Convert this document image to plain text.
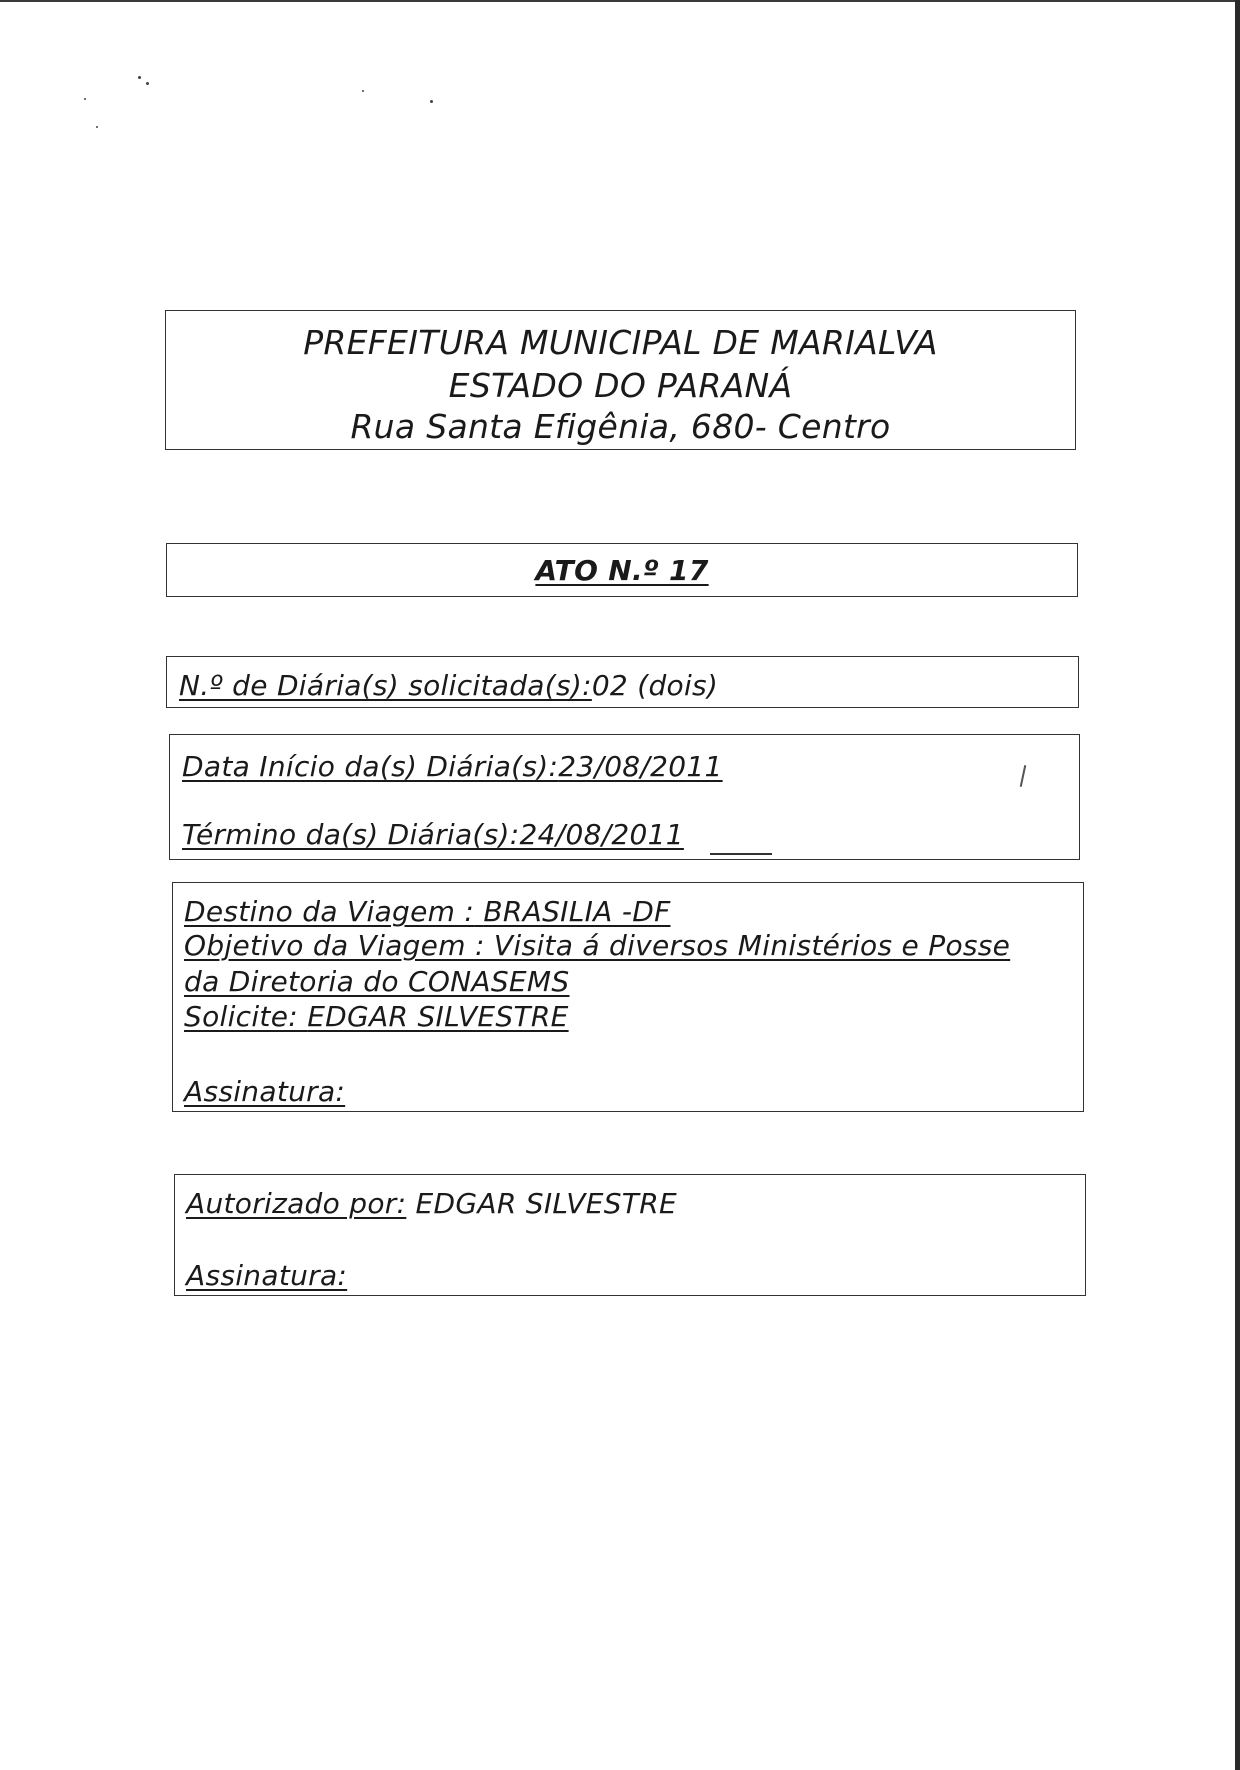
PREFEITURA MUNICIPAL DE MARIALVA
ESTADO DO PARANÁ
Rua Santa Efigênia, 680- Centro
ATO N.º 17
N.º de Diária(s) solicitada(s):02 (dois)
Data Início da(s) Diária(s):23/08/2011
Término da(s) Diária(s):24/08/2011
Destino da Viagem : BRASILIA -DF
Objetivo da Viagem : Visita á diversos Ministérios e Posse
da Diretoria do CONASEMS
Solicite: EDGAR SILVESTRE
Assinatura:
Autorizado por: EDGAR SILVESTRE
Assinatura:
